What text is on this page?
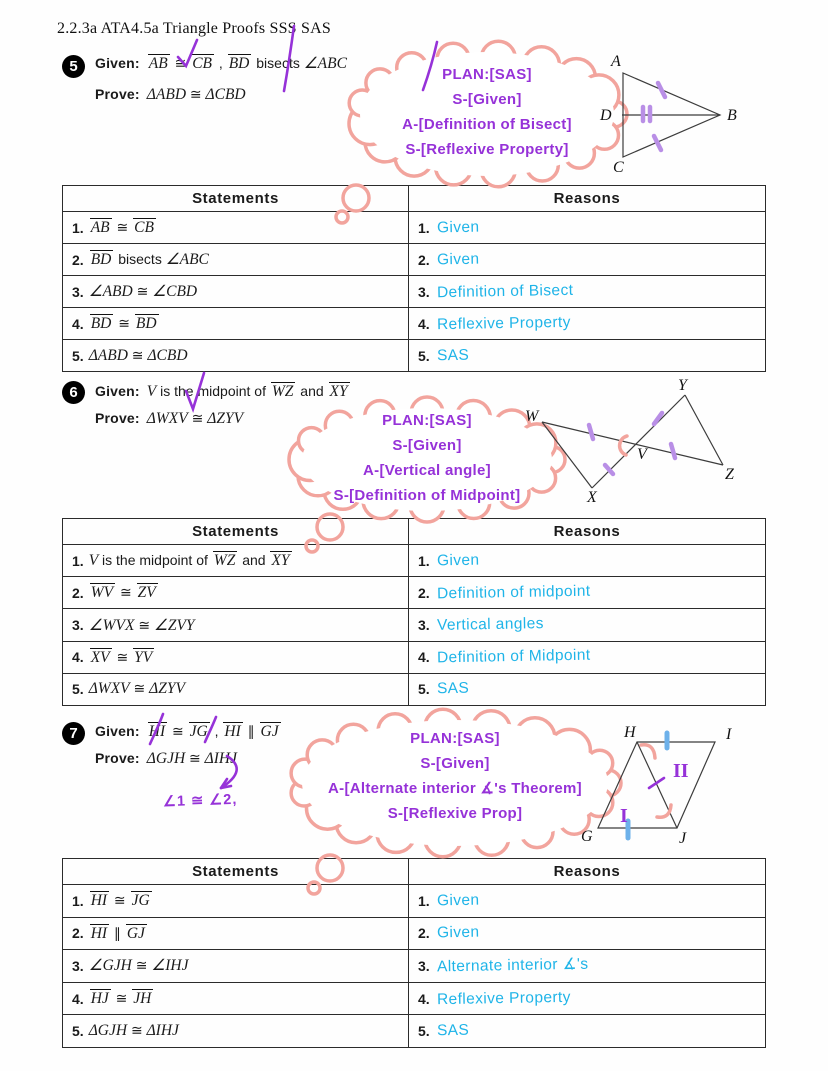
2.2.3a ATA4.5a Triangle Proofs SSS SAS
5	Given: AB ≅ CB , BD bisects ∠ABC
Prove: ΔABD ≅ ΔCBD
PLAN:[SAS]
S-[Given]
A-[Definition of Bisect]
S-[Reflexive Property]
A
B
C
D
Statements	Reasons
1. AB ≅ CB	1. Given
2. BD bisects ∠ABC	2. Given
3. ∠ABD ≅ ∠CBD	3. Definition of Bisect
4. BD ≅ BD	4. Reflexive Property
5. ΔABD ≅ ΔCBD	5. SAS
6	Given: V is the midpoint of WZ and XY
Prove: ΔWXV ≅ ΔZYV	PLAN:[SAS]
S-[Given]
A-[Vertical angle]
S-[Definition of Midpoint]
W
Y
X
Z
V
Statements	Reasons
1. V is the midpoint of WZ and XY	1. Given
2. WV ≅ ZV	2. Definition of midpoint
3. ∠WVX ≅ ∠ZVY	3. Vertical angles
4. XV ≅ YV	4. Definition of Midpoint
5. ΔWXV ≅ ΔZYV	5. SAS
7	Given: HI ≅ JG , HI ∥ GJ
Prove: ΔGJH ≅ ΔIHJ
∠1 ≅ ∠2,
PLAN:[SAS]
S-[Given]
A-[Alternate interior ∡'s Theorem]
S-[Reflexive Prop]	I
II
H	I
G	J
Statements	Reasons
1. HI ≅ JG	1. Given
2. HI ∥ GJ	2. Given
3. ∠GJH ≅ ∠IHJ	3. Alternate interior ∡'s
4. HJ ≅ JH	4. Reflexive Property
5. ΔGJH ≅ ΔIHJ	5. SAS
